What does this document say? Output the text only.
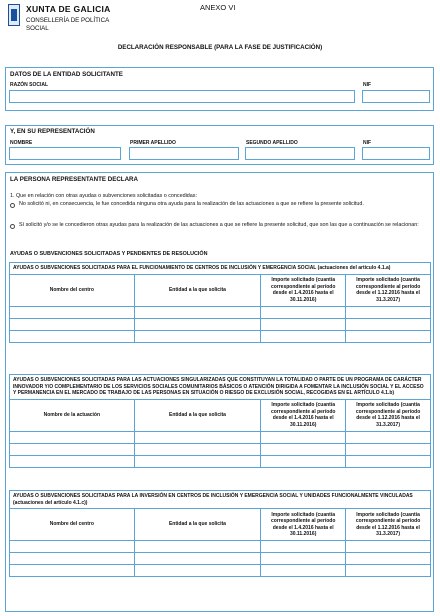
XUNTA DE GALICIA
CONSELLERÍA DE POLÍTICA SOCIAL
ANEXO VI
DECLARACIÓN RESPONSABLE (PARA LA FASE DE JUSTIFICACIÓN)
DATOS DE LA ENTIDAD SOLICITANTE
RAZÓN SOCIAL	NIF
Y, EN SU REPRESENTACIÓN
NOMBRE	PRIMER APELLIDO	SEGUNDO APELLIDO	NIF
LA PERSONA REPRESENTANTE DECLARA
1. Que en relación con otras ayudas o subvenciones solicitadas o concedidas:
No solicitó ni, en consecuencia, le fue concedida ninguna otra ayuda para la realización de las actuaciones a que se refiere la presente solicitud.
Sí solicitó y/o se le concedieron otras ayudas para la realización de las actuaciones a que se refiere la presente solicitud, que son las que a continuación se relacionan:
AYUDAS O SUBVENCIONES SOLICITADAS Y PENDIENTES DE RESOLUCIÓN
AYUDAS O SUBVENCIONES SOLICITADAS PARA EL FUNCIONAMIENTO DE CENTROS DE INCLUSIÓN Y EMERGENCIA SOCIAL (actuaciones del artículo 4.1.a)			
Nombre del centro	Entidad a la que solicita	Importe solicitado (cuantía correspondiente al período desde el 1.4.2016 hasta el 30.11.2016)	Importe solicitado (cuantía correspondiente al período desde el 1.12.2016 hasta el 31.3.2017)

AYUDAS O SUBVENCIONES SOLICITADAS PARA LAS ACTUACIONES SINGULARIZADAS QUE CONSTITUYAN LA TOTALIDAD O PARTE DE UN PROGRAMA DE CARÁCTER INNOVADOR Y/O COMPLEMENTARIO DE LOS SERVICIOS SOCIALES COMUNITARIOS BÁSICOS O ATENCIÓN DIRIGIDA A FOMENTAR LA INCLUSIÓN SOCIAL Y EL ACCESO Y PERMANENCIA EN EL MERCADO DE TRABAJO DE LAS PERSONAS EN SITUACIÓN O RIESGO DE EXCLUSIÓN SOCIAL, RECOGIDAS EN EL ARTÍCULO 4.1.b)			
Nombre de la actuación	Entidad a la que solicita	Importe solicitado (cuantía correspondiente al período desde el 1.4.2016 hasta el 30.11.2016)	Importe solicitado (cuantía correspondiente al período desde el 1.12.2016 hasta el 31.3.2017)

AYUDAS O SUBVENCIONES SOLICITADAS PARA LA INVERSIÓN EN CENTROS DE INCLUSIÓN Y EMERGENCIA SOCIAL Y UNIDADES FUNCIONALMENTE VINCULADAS (actuaciones del artículo 4.1.c))			
Nombre del centro	Entidad a la que solicita	Importe solicitado (cuantía correspondiente al período desde el 1.4.2016 hasta el 30.11.2016)	Importe solicitado (cuantía correspondiente al período desde el 1.12.2016 hasta el 31.3.2017)
